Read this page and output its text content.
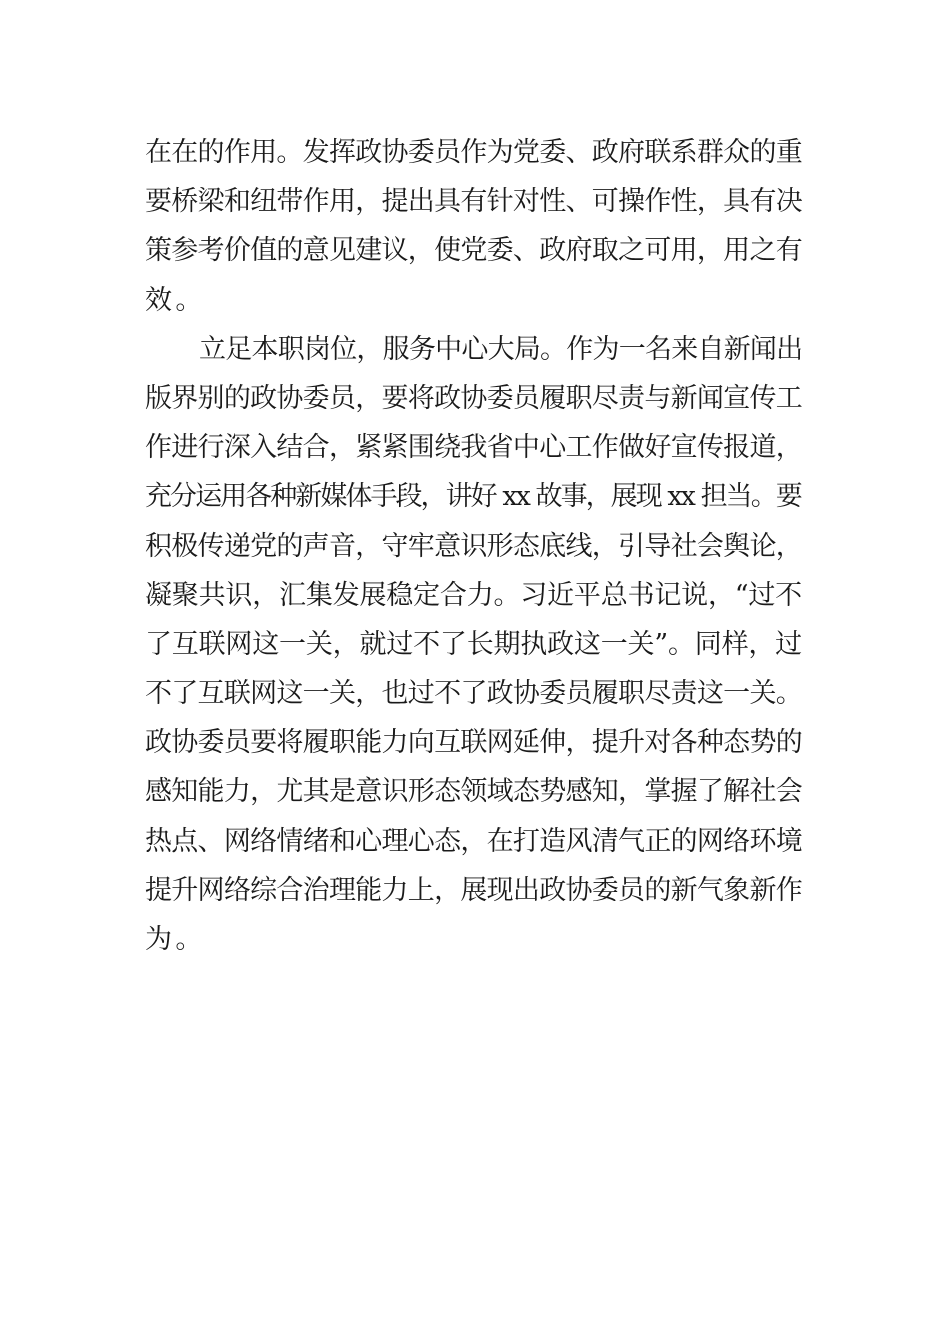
在在的作用。发挥政协委员作为党委、政府联系群众的重
要桥梁和纽带作用，提出具有针对性、可操作性，具有决
策参考价值的意见建议，使党委、政府取之可用，用之有
效。
立足本职岗位，服务中心大局。作为一名来自新闻出
版界别的政协委员，要将政协委员履职尽责与新闻宣传工
作进行深入结合，紧紧围绕我省中心工作做好宣传报道，
充分运用各种新媒体手段，讲好 xx 故事，展现 xx 担当。要
积极传递党的声音，守牢意识形态底线，引导社会舆论，
凝聚共识，汇集发展稳定合力。习近平总书记说，“过不
了互联网这一关，就过不了长期执政这一关”。同样，过
不了互联网这一关，也过不了政协委员履职尽责这一关。
政协委员要将履职能力向互联网延伸，提升对各种态势的
感知能力，尤其是意识形态领域态势感知，掌握了解社会
热点、网络情绪和心理心态，在打造风清气正的网络环境
提升网络综合治理能力上，展现出政协委员的新气象新作
为。
